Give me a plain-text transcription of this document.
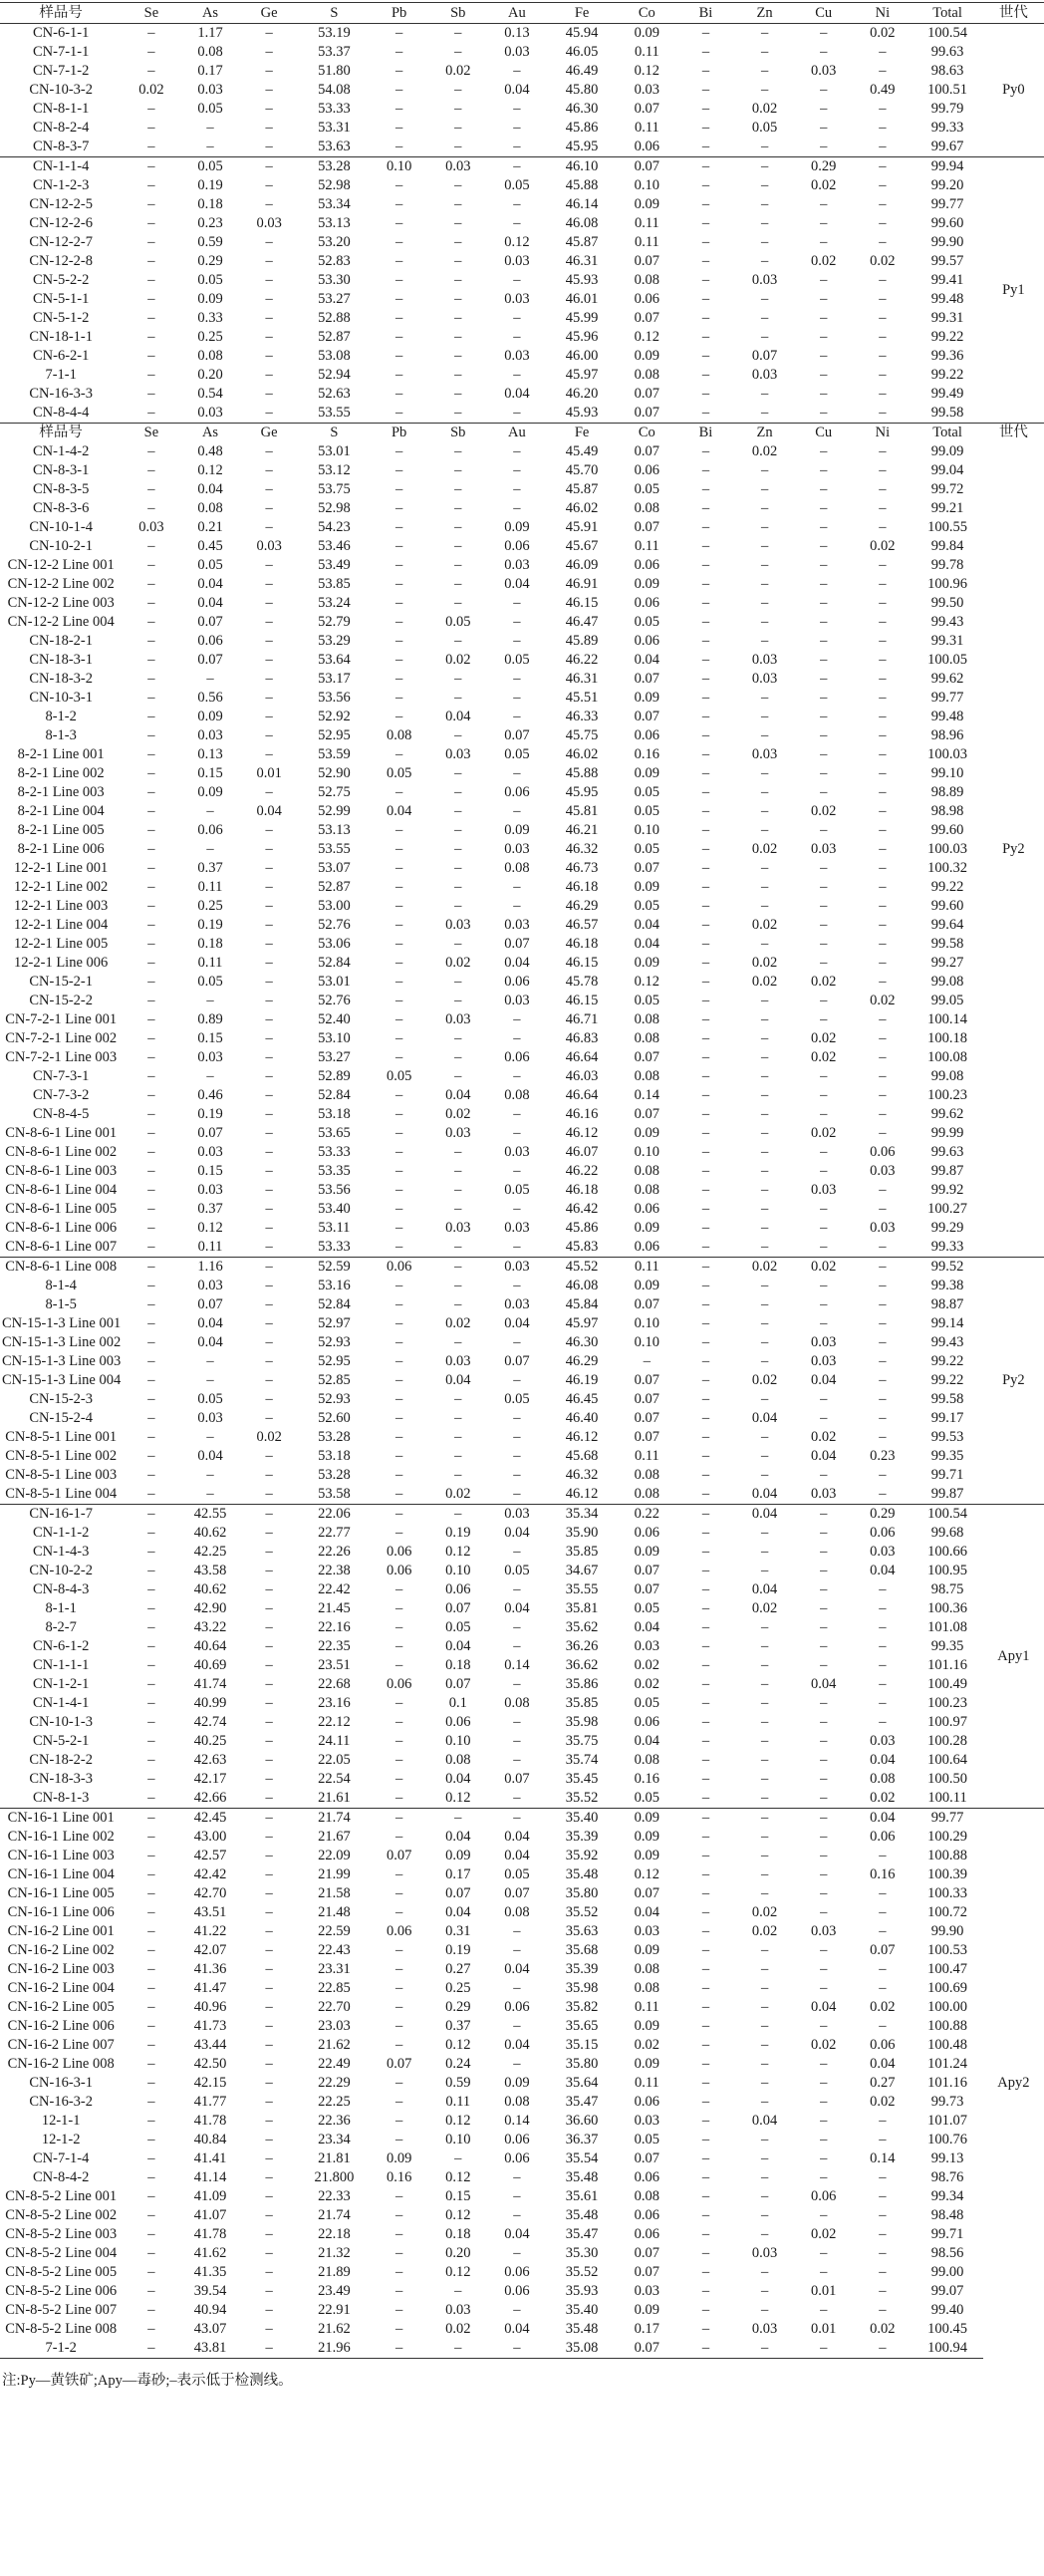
样品号	Se	As	Ge	S	Pb	Sb	Au	Fe	Co	Bi	Zn	Cu	Ni	Total	世代
CN-6-1-1	–	1.17	–	53.19	–	–	0.13	45.94	0.09	–	–	–	0.02	100.54	Py0
CN-7-1-1	–	0.08	–	53.37	–	–	0.03	46.05	0.11	–	–	–	–	99.63	
CN-7-1-2	–	0.17	–	51.80	–	0.02	–	46.49	0.12	–	–	0.03	–	98.63	
CN-10-3-2	0.02	0.03	–	54.08	–	–	0.04	45.80	0.03	–	–	–	0.49	100.51	
CN-8-1-1	–	0.05	–	53.33	–	–	–	46.30	0.07	–	0.02	–	–	99.79	
CN-8-2-4	–	–	–	53.31	–	–	–	45.86	0.11	–	0.05	–	–	99.33	
CN-8-3-7	–	–	–	53.63	–	–	–	45.95	0.06	–	–	–	–	99.67	
CN-1-1-4	–	0.05	–	53.28	0.10	0.03	–	46.10	0.07	–	–	0.29	–	99.94	Py1
CN-1-2-3	–	0.19	–	52.98	–	–	0.05	45.88	0.10	–	–	0.02	–	99.20	
CN-12-2-5	–	0.18	–	53.34	–	–	–	46.14	0.09	–	–	–	–	99.77	
CN-12-2-6	–	0.23	0.03	53.13	–	–	–	46.08	0.11	–	–	–	–	99.60	
CN-12-2-7	–	0.59	–	53.20	–	–	0.12	45.87	0.11	–	–	–	–	99.90	
CN-12-2-8	–	0.29	–	52.83	–	–	0.03	46.31	0.07	–	–	0.02	0.02	99.57	
CN-5-2-2	–	0.05	–	53.30	–	–	–	45.93	0.08	–	0.03	–	–	99.41	
CN-5-1-1	–	0.09	–	53.27	–	–	0.03	46.01	0.06	–	–	–	–	99.48	
CN-5-1-2	–	0.33	–	52.88	–	–	–	45.99	0.07	–	–	–	–	99.31	
CN-18-1-1	–	0.25	–	52.87	–	–	–	45.96	0.12	–	–	–	–	99.22	
CN-6-2-1	–	0.08	–	53.08	–	–	0.03	46.00	0.09	–	0.07	–	–	99.36	
7-1-1	–	0.20	–	52.94	–	–	–	45.97	0.08	–	0.03	–	–	99.22	
CN-16-3-3	–	0.54	–	52.63	–	–	0.04	46.20	0.07	–	–	–	–	99.49	
CN-8-4-4	–	0.03	–	53.55	–	–	–	45.93	0.07	–	–	–	–	99.58	
样品号	Se	As	Ge	S	Pb	Sb	Au	Fe	Co	Bi	Zn	Cu	Ni	Total	世代
CN-1-4-2	–	0.48	–	53.01	–	–	–	45.49	0.07	–	0.02	–	–	99.09	Py2
CN-8-3-1	–	0.12	–	53.12	–	–	–	45.70	0.06	–	–	–	–	99.04	
CN-8-3-5	–	0.04	–	53.75	–	–	–	45.87	0.05	–	–	–	–	99.72	
CN-8-3-6	–	0.08	–	52.98	–	–	–	46.02	0.08	–	–	–	–	99.21	
CN-10-1-4	0.03	0.21	–	54.23	–	–	0.09	45.91	0.07	–	–	–	–	100.55	
CN-10-2-1	–	0.45	0.03	53.46	–	–	0.06	45.67	0.11	–	–	–	0.02	99.84	
CN-12-2 Line 001	–	0.05	–	53.49	–	–	0.03	46.09	0.06	–	–	–	–	99.78	
CN-12-2 Line 002	–	0.04	–	53.85	–	–	0.04	46.91	0.09	–	–	–	–	100.96	
CN-12-2 Line 003	–	0.04	–	53.24	–	–	–	46.15	0.06	–	–	–	–	99.50	
CN-12-2 Line 004	–	0.07	–	52.79	–	0.05	–	46.47	0.05	–	–	–	–	99.43	
CN-18-2-1	–	0.06	–	53.29	–	–	–	45.89	0.06	–	–	–	–	99.31	
CN-18-3-1	–	0.07	–	53.64	–	0.02	0.05	46.22	0.04	–	0.03	–	–	100.05	
CN-18-3-2	–	–	–	53.17	–	–	–	46.31	0.07	–	0.03	–	–	99.62	
CN-10-3-1	–	0.56	–	53.56	–	–	–	45.51	0.09	–	–	–	–	99.77	
8-1-2	–	0.09	–	52.92	–	0.04	–	46.33	0.07	–	–	–	–	99.48	
8-1-3	–	0.03	–	52.95	0.08	–	0.07	45.75	0.06	–	–	–	–	98.96	
8-2-1 Line 001	–	0.13	–	53.59	–	0.03	0.05	46.02	0.16	–	0.03	–	–	100.03	
8-2-1 Line 002	–	0.15	0.01	52.90	0.05	–	–	45.88	0.09	–	–	–	–	99.10	
8-2-1 Line 003	–	0.09	–	52.75	–	–	0.06	45.95	0.05	–	–	–	–	98.89	
8-2-1 Line 004	–	–	0.04	52.99	0.04	–	–	45.81	0.05	–	–	0.02	–	98.98	
8-2-1 Line 005	–	0.06	–	53.13	–	–	0.09	46.21	0.10	–	–	–	–	99.60	
8-2-1 Line 006	–	–	–	53.55	–	–	0.03	46.32	0.05	–	0.02	0.03	–	100.03	
12-2-1 Line 001	–	0.37	–	53.07	–	–	0.08	46.73	0.07	–	–	–	–	100.32	
12-2-1 Line 002	–	0.11	–	52.87	–	–	–	46.18	0.09	–	–	–	–	99.22	
12-2-1 Line 003	–	0.25	–	53.00	–	–	–	46.29	0.05	–	–	–	–	99.60	
12-2-1 Line 004	–	0.19	–	52.76	–	0.03	0.03	46.57	0.04	–	0.02	–	–	99.64	
12-2-1 Line 005	–	0.18	–	53.06	–	–	0.07	46.18	0.04	–	–	–	–	99.58	
12-2-1 Line 006	–	0.11	–	52.84	–	0.02	0.04	46.15	0.09	–	0.02	–	–	99.27	
CN-15-2-1	–	0.05	–	53.01	–	–	0.06	45.78	0.12	–	0.02	0.02	–	99.08	
CN-15-2-2	–	–	–	52.76	–	–	0.03	46.15	0.05	–	–	–	0.02	99.05	
CN-7-2-1 Line 001	–	0.89	–	52.40	–	0.03	–	46.71	0.08	–	–	–	–	100.14	
CN-7-2-1 Line 002	–	0.15	–	53.10	–	–	–	46.83	0.08	–	–	0.02	–	100.18	
CN-7-2-1 Line 003	–	0.03	–	53.27	–	–	0.06	46.64	0.07	–	–	0.02	–	100.08	
CN-7-3-1	–	–	–	52.89	0.05	–	–	46.03	0.08	–	–	–	–	99.08	
CN-7-3-2	–	0.46	–	52.84	–	0.04	0.08	46.64	0.14	–	–	–	–	100.23	
CN-8-4-5	–	0.19	–	53.18	–	0.02	–	46.16	0.07	–	–	–	–	99.62	
CN-8-6-1 Line 001	–	0.07	–	53.65	–	0.03	–	46.12	0.09	–	–	0.02	–	99.99	
CN-8-6-1 Line 002	–	0.03	–	53.33	–	–	0.03	46.07	0.10	–	–	–	0.06	99.63	
CN-8-6-1 Line 003	–	0.15	–	53.35	–	–	–	46.22	0.08	–	–	–	0.03	99.87	
CN-8-6-1 Line 004	–	0.03	–	53.56	–	–	0.05	46.18	0.08	–	–	0.03	–	99.92	
CN-8-6-1 Line 005	–	0.37	–	53.40	–	–	–	46.42	0.06	–	–	–	–	100.27	
CN-8-6-1 Line 006	–	0.12	–	53.11	–	0.03	0.03	45.86	0.09	–	–	–	0.03	99.29	
CN-8-6-1 Line 007	–	0.11	–	53.33	–	–	–	45.83	0.06	–	–	–	–	99.33	
CN-8-6-1 Line 008	–	1.16	–	52.59	0.06	–	0.03	45.52	0.11	–	0.02	0.02	–	99.52	Py2
8-1-4	–	0.03	–	53.16	–	–	–	46.08	0.09	–	–	–	–	99.38	
8-1-5	–	0.07	–	52.84	–	–	0.03	45.84	0.07	–	–	–	–	98.87	
CN-15-1-3 Line 001	–	0.04	–	52.97	–	0.02	0.04	45.97	0.10	–	–	–	–	99.14	
CN-15-1-3 Line 002	–	0.04	–	52.93	–	–	–	46.30	0.10	–	–	0.03	–	99.43	
CN-15-1-3 Line 003	–	–	–	52.95	–	0.03	0.07	46.29	–	–	–	0.03	–	99.22	
CN-15-1-3 Line 004	–	–	–	52.85	–	0.04	–	46.19	0.07	–	0.02	0.04	–	99.22	
CN-15-2-3	–	0.05	–	52.93	–	–	0.05	46.45	0.07	–	–	–	–	99.58	
CN-15-2-4	–	0.03	–	52.60	–	–	–	46.40	0.07	–	0.04	–	–	99.17	
CN-8-5-1 Line 001	–	–	0.02	53.28	–	–	–	46.12	0.07	–	–	0.02	–	99.53	
CN-8-5-1 Line 002	–	0.04	–	53.18	–	–	–	45.68	0.11	–	–	0.04	0.23	99.35	
CN-8-5-1 Line 003	–	–	–	53.28	–	–	–	46.32	0.08	–	–	–	–	99.71	
CN-8-5-1 Line 004	–	–	–	53.58	–	0.02	–	46.12	0.08	–	0.04	0.03	–	99.87	
CN-16-1-7	–	42.55	–	22.06	–	–	0.03	35.34	0.22	–	0.04	–	0.29	100.54	Apy1
CN-1-1-2	–	40.62	–	22.77	–	0.19	0.04	35.90	0.06	–	–	–	0.06	99.68	
CN-1-4-3	–	42.25	–	22.26	0.06	0.12	–	35.85	0.09	–	–	–	0.03	100.66	
CN-10-2-2	–	43.58	–	22.38	0.06	0.10	0.05	34.67	0.07	–	–	–	0.04	100.95	
CN-8-4-3	–	40.62	–	22.42	–	0.06	–	35.55	0.07	–	0.04	–	–	98.75	
8-1-1	–	42.90	–	21.45	–	0.07	0.04	35.81	0.05	–	0.02	–	–	100.36	
8-2-7	–	43.22	–	22.16	–	0.05	–	35.62	0.04	–	–	–	–	101.08	
CN-6-1-2	–	40.64	–	22.35	–	0.04	–	36.26	0.03	–	–	–	–	99.35	
CN-1-1-1	–	40.69	–	23.51	–	0.18	0.14	36.62	0.02	–	–	–	–	101.16	
CN-1-2-1	–	41.74	–	22.68	0.06	0.07	–	35.86	0.02	–	–	0.04	–	100.49	
CN-1-4-1	–	40.99	–	23.16	–	0.1	0.08	35.85	0.05	–	–	–	–	100.23	
CN-10-1-3	–	42.74	–	22.12	–	0.06	–	35.98	0.06	–	–	–	–	100.97	
CN-5-2-1	–	40.25	–	24.11	–	0.10	–	35.75	0.04	–	–	–	0.03	100.28	
CN-18-2-2	–	42.63	–	22.05	–	0.08	–	35.74	0.08	–	–	–	0.04	100.64	
CN-18-3-3	–	42.17	–	22.54	–	0.04	0.07	35.45	0.16	–	–	–	0.08	100.50	
CN-8-1-3	–	42.66	–	21.61	–	0.12	–	35.52	0.05	–	–	–	0.02	100.11	
CN-16-1 Line 001	–	42.45	–	21.74	–	–	–	35.40	0.09	–	–	–	0.04	99.77	Apy2
CN-16-1 Line 002	–	43.00	–	21.67	–	0.04	0.04	35.39	0.09	–	–	–	0.06	100.29	
CN-16-1 Line 003	–	42.57	–	22.09	0.07	0.09	0.04	35.92	0.09	–	–	–	–	100.88	
CN-16-1 Line 004	–	42.42	–	21.99	–	0.17	0.05	35.48	0.12	–	–	–	0.16	100.39	
CN-16-1 Line 005	–	42.70	–	21.58	–	0.07	0.07	35.80	0.07	–	–	–	–	100.33	
CN-16-1 Line 006	–	43.51	–	21.48	–	0.04	0.08	35.52	0.04	–	0.02	–	–	100.72	
CN-16-2 Line 001	–	41.22	–	22.59	0.06	0.31	–	35.63	0.03	–	0.02	0.03	–	99.90	
CN-16-2 Line 002	–	42.07	–	22.43	–	0.19	–	35.68	0.09	–	–	–	0.07	100.53	
CN-16-2 Line 003	–	41.36	–	23.31	–	0.27	0.04	35.39	0.08	–	–	–	–	100.47	
CN-16-2 Line 004	–	41.47	–	22.85	–	0.25	–	35.98	0.08	–	–	–	–	100.69	
CN-16-2 Line 005	–	40.96	–	22.70	–	0.29	0.06	35.82	0.11	–	–	0.04	0.02	100.00	
CN-16-2 Line 006	–	41.73	–	23.03	–	0.37	–	35.65	0.09	–	–	–	–	100.88	
CN-16-2 Line 007	–	43.44	–	21.62	–	0.12	0.04	35.15	0.02	–	–	0.02	0.06	100.48	
CN-16-2 Line 008	–	42.50	–	22.49	0.07	0.24	–	35.80	0.09	–	–	–	0.04	101.24	
CN-16-3-1	–	42.15	–	22.29	–	0.59	0.09	35.64	0.11	–	–	–	0.27	101.16	
CN-16-3-2	–	41.77	–	22.25	–	0.11	0.08	35.47	0.06	–	–	–	0.02	99.73	
12-1-1	–	41.78	–	22.36	–	0.12	0.14	36.60	0.03	–	0.04	–	–	101.07	
12-1-2	–	40.84	–	23.34	–	0.10	0.06	36.37	0.05	–	–	–	–	100.76	
CN-7-1-4	–	41.41	–	21.81	0.09	–	0.06	35.54	0.07	–	–	–	0.14	99.13	
CN-8-4-2	–	41.14	–	21.800	0.16	0.12	–	35.48	0.06	–	–	–	–	98.76	
CN-8-5-2 Line 001	–	41.09	–	22.33	–	0.15	–	35.61	0.08	–	–	0.06	–	99.34	
CN-8-5-2 Line 002	–	41.07	–	21.74	–	0.12	–	35.48	0.06	–	–	–	–	98.48	
CN-8-5-2 Line 003	–	41.78	–	22.18	–	0.18	0.04	35.47	0.06	–	–	0.02	–	99.71	
CN-8-5-2 Line 004	–	41.62	–	21.32	–	0.20	–	35.30	0.07	–	0.03	–	–	98.56	
CN-8-5-2 Line 005	–	41.35	–	21.89	–	0.12	0.06	35.52	0.07	–	–	–	–	99.00	
CN-8-5-2 Line 006	–	39.54	–	23.49	–	–	0.06	35.93	0.03	–	–	0.01	–	99.07	
CN-8-5-2 Line 007	–	40.94	–	22.91	–	0.03	–	35.40	0.09	–	–	–	–	99.40	
CN-8-5-2 Line 008	–	43.07	–	21.62	–	0.02	0.04	35.48	0.17	–	0.03	0.01	0.02	100.45	
7-1-2	–	43.81	–	21.96	–	–	–	35.08	0.07	–	–	–	–	100.94	
注:Py—黄铁矿;Apy—毒砂;–表示低于检测线。
